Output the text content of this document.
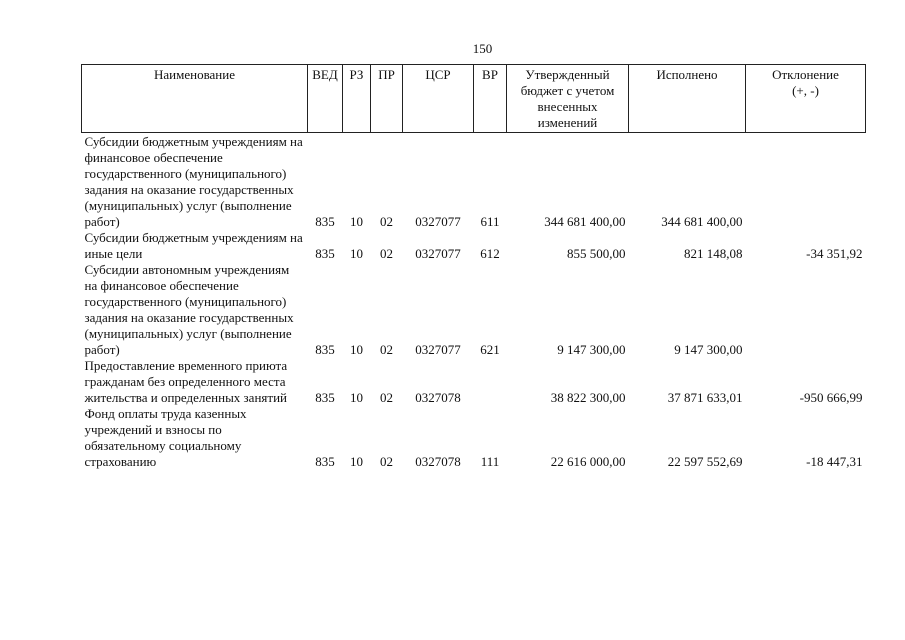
150
Наименование	ВЕД	РЗ	ПР	ЦСР	ВР	Утвержденный бюджет с учетом внесенных изменений	Исполнено	Отклонение (+, -)
Субсидии бюджетным учреждениям на финансовое обеспечение государственного (муниципального) задания на оказание государственных (муниципальных) услуг (выполнение работ)	835	10	02	0327077	611	344 681 400,00	344 681 400,00	
Субсидии бюджетным учреждениям на иные цели	835	10	02	0327077	612	855 500,00	821 148,08	-34 351,92
Субсидии автономным учреждениям на финансовое обеспечение государственного (муниципального) задания на оказание государственных (муниципальных) услуг (выполнение работ)	835	10	02	0327077	621	9 147 300,00	9 147 300,00	
Предоставление временного приюта гражданам без определенного места жительства и определенных занятий	835	10	02	0327078		38 822 300,00	37 871 633,01	-950 666,99
Фонд оплаты труда казенных учреждений и взносы по обязательному социальному страхованию	835	10	02	0327078	111	22 616 000,00	22 597 552,69	-18 447,31
